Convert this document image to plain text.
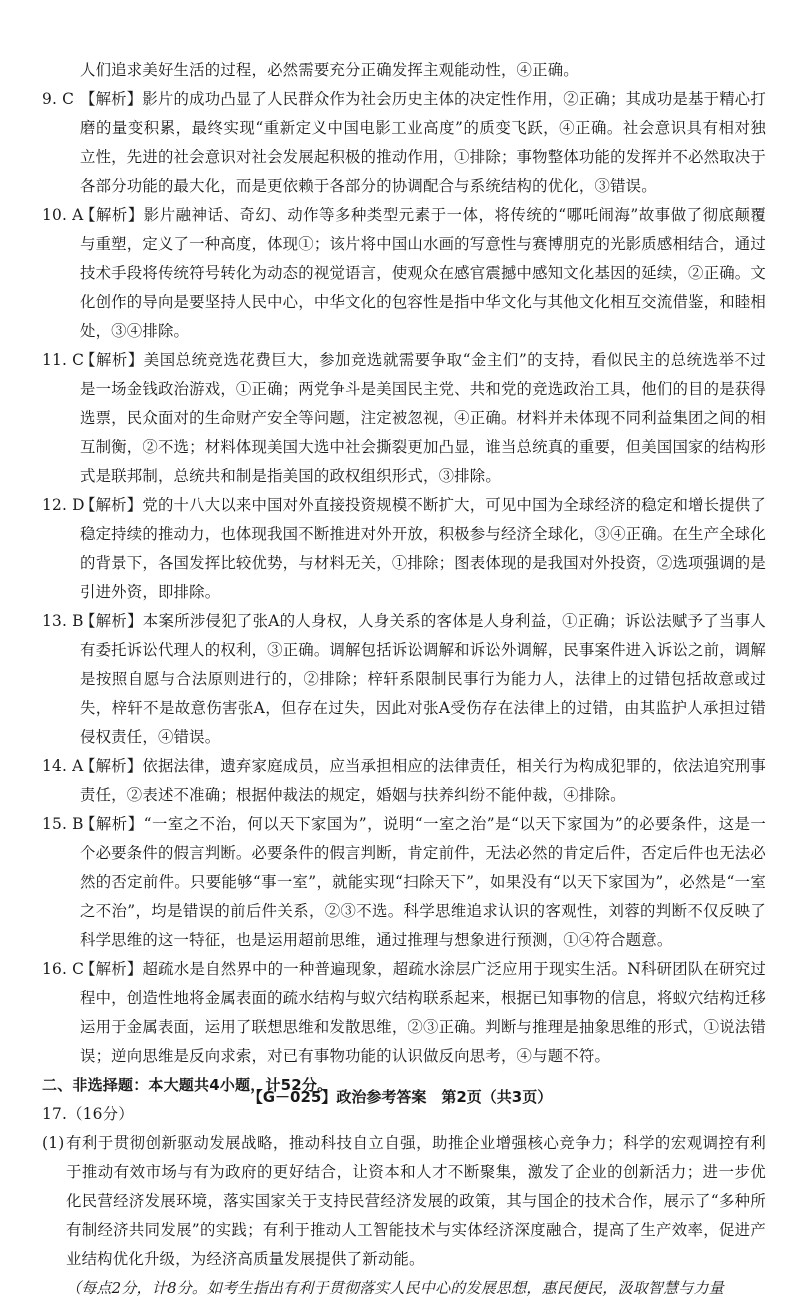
人们追求美好生活的过程，必然需要充分正确发挥主观能动性，④正确。

9. C 【解析】影片的成功凸显了人民群众作为社会历史主体的决定性作用，②正确；其成功是基于精心打磨的量变积累，最终实现“重新定义中国电影工业高度”的质变飞跃，④正确。社会意识具有相对独立性，先进的社会意识对社会发展起积极的推动作用，①排除；事物整体功能的发挥并不必然取决于各部分功能的最大化，而是更依赖于各部分的协调配合与系统结构的优化，③错误。
10. A
【解析】影片融神话、奇幻、动作等多种类型元素于一体，将传统的“哪吒闹海”故事做了彻底颠覆与重塑，定义了一种高度，体现①；该片将中国山水画的写意性与赛博朋克的光影质感相结合，通过技术手段将传统符号转化为动态的视觉语言，使观众在感官震撼中感知文化基因的延续，②正确。文化创作的导向是要坚持人民中心，中华文化的包容性是指中华文化与其他文化相互交流借鉴，和睦相处，③④排除。
11. C
【解析】美国总统竞选花费巨大，参加竞选就需要争取“金主们”的支持，看似民主的总统选举不过是一场金钱政治游戏，①正确；两党争斗是美国民主党、共和党的竞选政治工具，他们的目的是获得选票，民众面对的生命财产安全等问题，注定被忽视，④正确。材料并未体现不同利益集团之间的相互制衡，②不选；材料体现美国大选中社会撕裂更加凸显，谁当总统真的重要，但美国国家的结构形式是联邦制，总统共和制是指美国的政权组织形式，③排除。
12. D
【解析】党的十八大以来中国对外直接投资规模不断扩大，可见中国为全球经济的稳定和增长提供了稳定持续的推动力，也体现我国不断推进对外开放，积极参与经济全球化，③④正确。在生产全球化的背景下，各国发挥比较优势，与材料无关，①排除；图表体现的是我国对外投资，②选项强调的是引进外资，即排除。
13. B
【解析】本案所涉侵犯了张A的人身权，人身关系的客体是人身利益，①正确；诉讼法赋予了当事人有委托诉讼代理人的权利，③正确。调解包括诉讼调解和诉讼外调解，民事案件进入诉讼之前，调解是按照自愿与合法原则进行的，②排除；梓轩系限制民事行为能力人，法律上的过错包括故意或过失，梓轩不是故意伤害张A，但存在过失，因此对张A受伤存在法律上的过错，由其监护人承担过错侵权责任，④错误。
14. A
【解析】依据法律，遗弃家庭成员，应当承担相应的法律责任，相关行为构成犯罪的，依法追究刑事责任，②表述不准确；根据仲裁法的规定，婚姻与扶养纠纷不能仲裁，④排除。
15. B
【解析】“一室之不治，何以天下家国为”，说明“一室之治”是“以天下家国为”的必要条件，这是一个必要条件的假言判断。必要条件的假言判断，肯定前件，无法必然的肯定后件，否定后件也无法必然的否定前件。只要能够“事一室”，就能实现“扫除天下”，如果没有“以天下家国为”，必然是“一室之不治”，均是错误的前后件关系，②③不选。科学思维追求认识的客观性，刘蓉的判断不仅反映了科学思维的这一特征，也是运用超前思维，通过推理与想象进行预测，①④符合题意。
16. C
【解析】超疏水是自然界中的一种普遍现象，超疏水涂层广泛应用于现实生活。N科研团队在研究过程中，创造性地将金属表面的疏水结构与蚁穴结构联系起来，根据已知事物的信息，将蚁穴结构迁移运用于金属表面，运用了联想思维和发散思维，②③正确。判断与推理是抽象思维的形式，①说法错误；逆向思维是反向求索，对已有事物功能的认识做反向思考，④与题不符。

二、非选择题：本大题共4小题，计52分。

17.（16分）

(1) 有利于贯彻创新驱动发展战略，推动科技自立自强，助推企业增强核心竞争力；科学的宏观调控有利于推动有效市场与有为政府的更好结合，让资本和人才不断聚集，激发了企业的创新活力；进一步优化民营经济发展环境，落实国家关于支持民营经济发展的政策，其与国企的技术合作，展示了“多种所有制经济共同发展”的实践；有利于推动人工智能技术与实体经济深度融合，提高了生产效率，促进产业结构优化升级，为经济高质量发展提供了新动能。

（每点2分，计8分。如考生指出有利于贯彻落实人民中心的发展思想，惠民便民，汲取智慧与力量

【G－025】政治参考答案　第2页（共3页）
